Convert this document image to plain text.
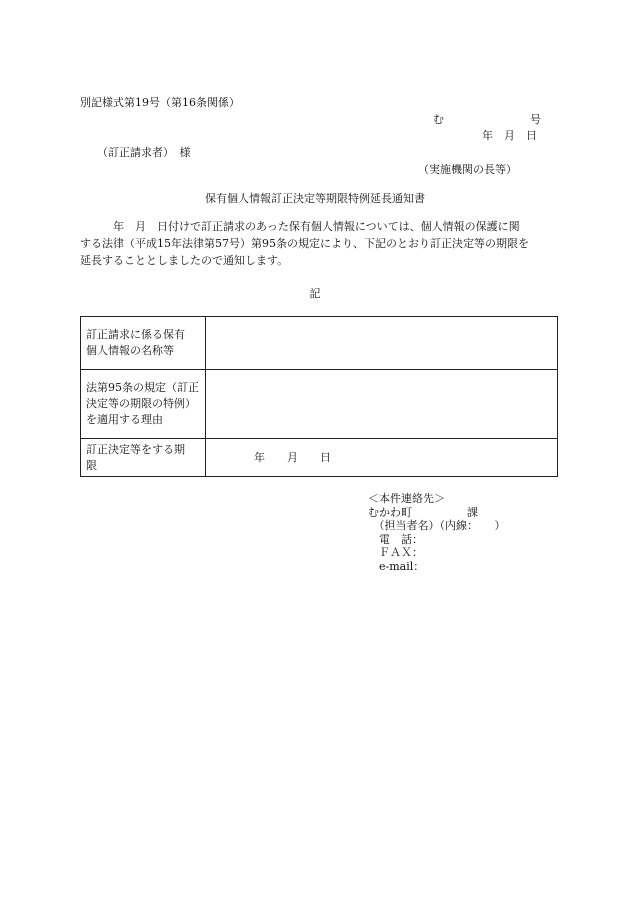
別記様式第19号（第16条関係）
む	号
年　月　日
（訂正請求者）　様
（実施機関の長等）
保有個人情報訂正決定等期限特例延長通知書
　　　年　月　日付けで訂正請求のあった保有個人情報については、個人情報の保護に関
する法律（平成15年法律第57号）第95条の規定により、下記のとおり訂正決定等の期限を
延長することとしましたので通知します。
記
訂正請求に係る保有
個人情報の名称等	

法第95条の規定（訂正
決定等の期限の特例）
を適用する理由	

訂正決定等をする期
限	年　　月　　日
＜本件連絡先＞
むかわ町　　　　　課
　（担当者名）（内線：　　）
　電　話：
　ＦＡＸ：
　e-mail：
